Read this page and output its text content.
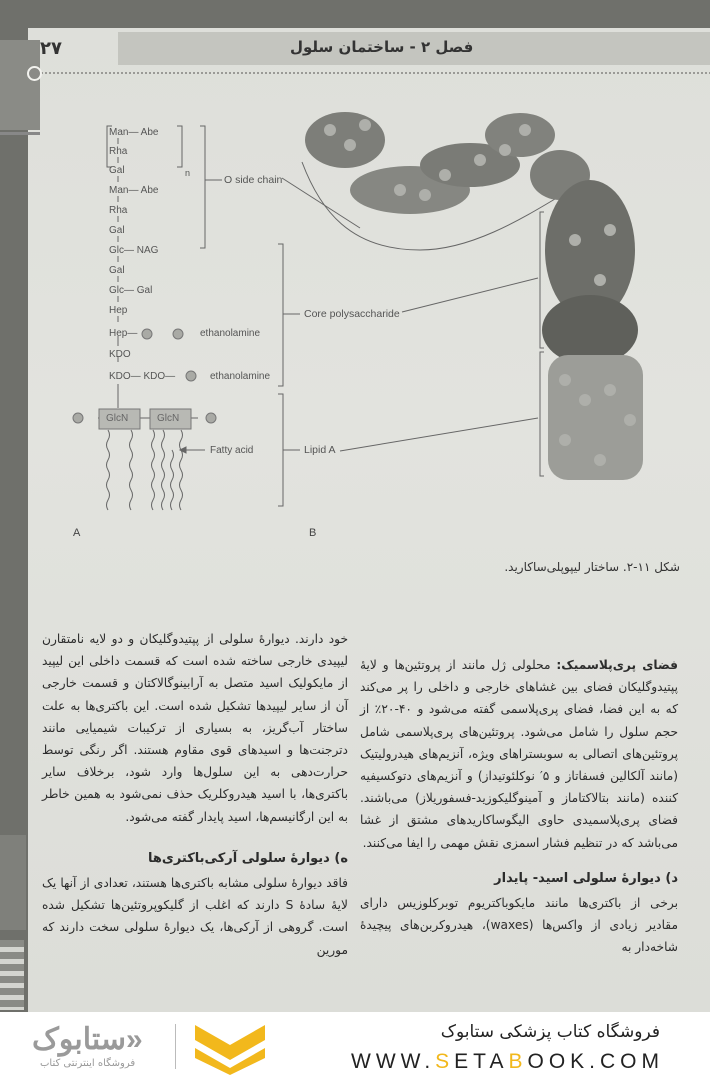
۲۷	فصل ۲ - ساختمان سلول
Man— Abe
Rha
Gal	n
Man— Abe
Rha
Gal
Glc— NAG
Gal
Glc— Gal
Hep
Hep—	ethanolamine
KDO
KDO— KDO—	ethanolamine
GlcN	GlcN
Fatty acid
O side chain
Core polysaccharide
Lipid A
A	B
شکل ۱۱-۲. ساختار لیپوپلی‌ساکارید.

فضای پری‌پلاسمیک: محلولی ژل مانند از پروتئین‌ها و لایهٔ پپتیدوگلیکان فضای بین غشاهای خارجی و داخلی را پر می‌کند که به این فضا، فضای پری‌پلاسمی گفته می‌شود و ۴۰-۲۰٪ از حجم سلول را شامل می‌شود. پروتئین‌های پری‌پلاسمی شامل پروتئین‌های اتصالی به سوبستراهای ویژه، آنزیم‌های هیدرولیتیک (مانند آلکالین فسفاتاز و ۵′ نوکلئوتیداز) و آنزیم‌های دتوکسیفیه کننده (مانند بتالاکتاماز و آمینوگلیکوزید-فسفوریلاز) می‌باشند. فضای پری‌پلاسمیدی حاوی الیگوساکاریدهای مشتق از غشا می‌باشد که در تنظیم فشار اسمزی نقش مهمی را ایفا می‌کنند.

د) دیوارهٔ سلولی اسید- پایدار

برخی از باکتری‌ها مانند مایکوباکتریوم توبرکلوزیس دارای مقادیر زیادی از واکس‌ها (waxes)، هیدروکربن‌های پیچیدهٔ شاخه‌دار به

خود دارند. دیوارهٔ سلولی از پپتیدوگلیکان و دو لایه نامتقارن لیپیدی خارجی ساخته شده است که قسمت داخلی این لیپید از مایکولیک اسید متصل به آرابینوگالاکتان و قسمت خارجی آن از سایر لیپیدها تشکیل شده است. این باکتری‌ها به علت ساختار آب‌گریز، به بسیاری از ترکیبات شیمیایی مانند دترجنت‌ها و اسیدهای قوی مقاوم هستند. اگر رنگی توسط حرارت‌دهی به این سلول‌ها وارد شود، برخلاف سایر باکتری‌ها، با اسید هیدروکلریک حذف نمی‌شود به همین خاطر به این ارگانیسم‌ها، اسید پایدار گفته می‌شود.

ه) دیوارهٔ سلولی آرکی‌باکتری‌ها

فاقد دیوارهٔ سلولی مشابه باکتری‌ها هستند، تعدادی از آنها یک لایهٔ سادهٔ S دارند که اغلب از گلیکوپروتئین‌ها تشکیل شده است. گروهی از آرکی‌ها، یک دیوارهٔ سلولی سخت دارند که مورین

ستابوک»
فروشگاه اینترنتی کتاب
فروشگاه کتاب پزشکی ستابوک
WWW.SETABOOK.COM
